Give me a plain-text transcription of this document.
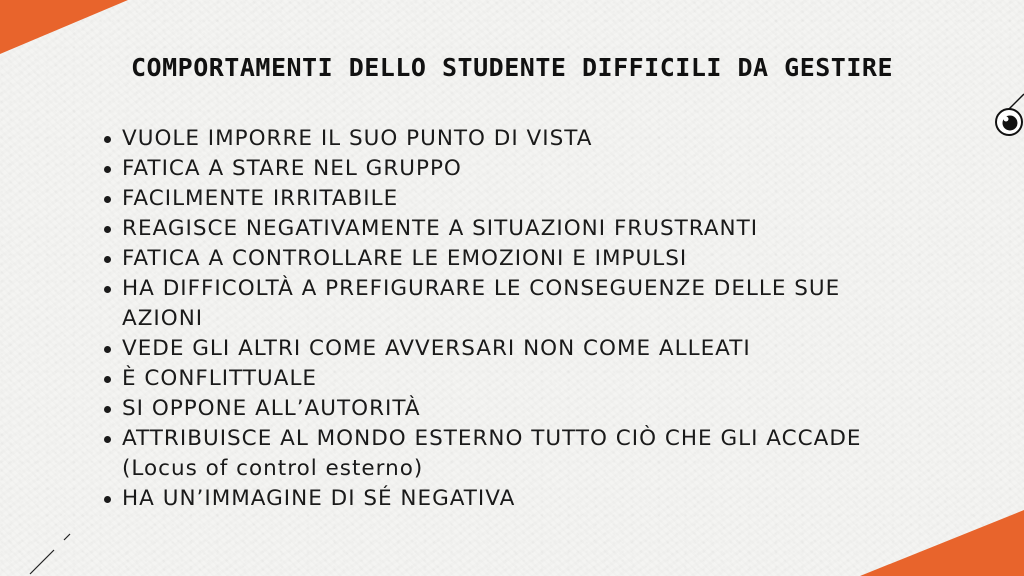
COMPORTAMENTI DELLO STUDENTE DIFFICILI DA GESTIRE
VUOLE IMPORRE IL SUO PUNTO DI VISTA
FATICA A STARE NEL GRUPPO
FACILMENTE IRRITABILE
REAGISCE NEGATIVAMENTE A SITUAZIONI FRUSTRANTI
FATICA A CONTROLLARE LE EMOZIONI E IMPULSI
HA DIFFICOLTÀ A PREFIGURARE LE CONSEGUENZE DELLE SUE AZIONI
VEDE GLI ALTRI COME AVVERSARI NON COME ALLEATI
È CONFLITTUALE
SI OPPONE ALL’AUTORITÀ
ATTRIBUISCE AL MONDO ESTERNO TUTTO CIÒ CHE GLI ACCADE (Locus of control esterno)
HA UN’IMMAGINE DI SÉ NEGATIVA
